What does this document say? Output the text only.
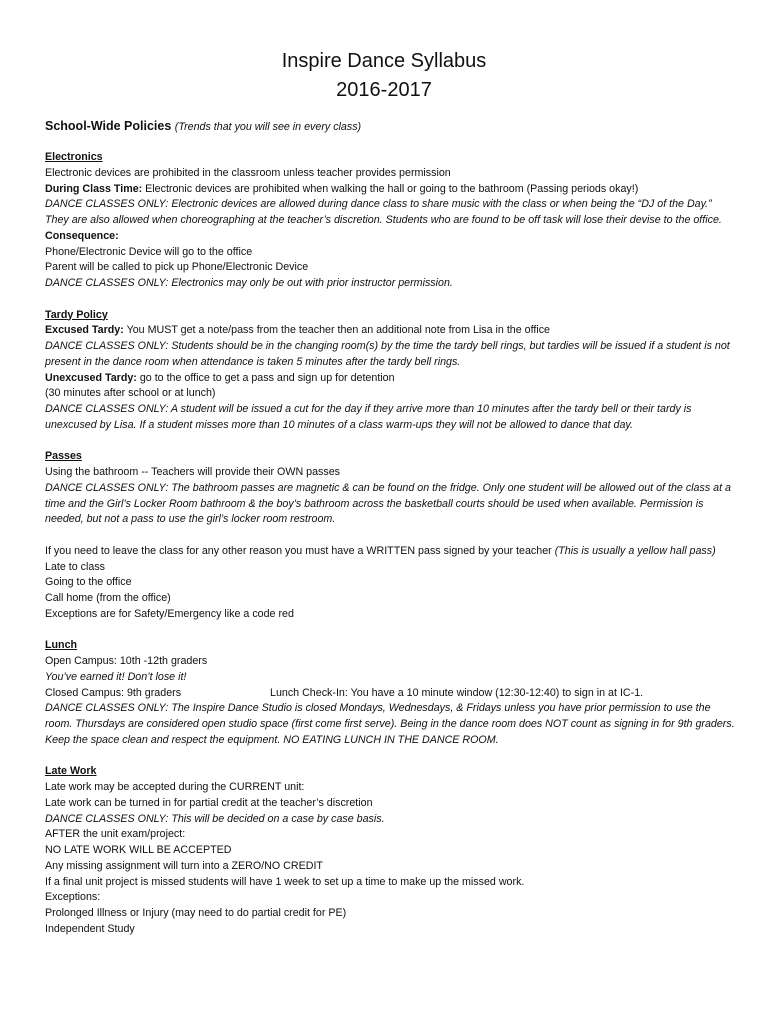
Inspire Dance Syllabus
2016-2017
School-Wide Policies (Trends that you will see in every class)
Electronics
Electronic devices are prohibited in the classroom unless teacher provides permission
During Class Time: Electronic devices are prohibited when walking the hall or going to the bathroom (Passing periods okay!)
DANCE CLASSES ONLY: Electronic devices are allowed during dance class to share music with the class or when being the “DJ of the Day.” They are also allowed when choreographing at the teacher’s discretion. Students who are found to be off task will lose their devise to the office.
Consequence:
Phone/Electronic Device will go to the office
Parent will be called to pick up Phone/Electronic Device
DANCE CLASSES ONLY: Electronics may only be out with prior instructor permission.
Tardy Policy
Excused Tardy: You MUST get a note/pass from the teacher then an additional note from Lisa in the office
DANCE CLASSES ONLY: Students should be in the changing room(s) by the time the tardy bell rings, but tardies will be issued if a student is not present in the dance room when attendance is taken 5 minutes after the tardy bell rings.
Unexcused Tardy: go to the office to get a pass and sign up for detention
(30 minutes after school or at lunch)
DANCE CLASSES ONLY: A student will be issued a cut for the day if they arrive more than 10 minutes after the tardy bell or their tardy is unexcused by Lisa. If a student misses more than 10 minutes of a class warm-ups they will not be allowed to dance that day.
Passes
Using the bathroom -- Teachers will provide their OWN passes
DANCE CLASSES ONLY: The bathroom passes are magnetic & can be found on the fridge. Only one student will be allowed out of the class at a time and the Girl’s Locker Room bathroom & the boy’s bathroom across the basketball courts should be used when available. Permission is needed, but not a pass to use the girl’s locker room restroom.
If you need to leave the class for any other reason you must have a WRITTEN pass signed by your teacher (This is usually a yellow hall pass)
Late to class
Going to the office
Call home (from the office)
Exceptions are for Safety/Emergency like a code red
Lunch
Open Campus: 10th -12th graders
You’ve earned it! Don’t lose it!
Closed Campus: 9th graders	Lunch Check-In: You have a 10 minute window (12:30-12:40) to sign in at IC-1.
DANCE CLASSES ONLY: The Inspire Dance Studio is closed Mondays, Wednesdays, & Fridays unless you have prior permission to use the room. Thursdays are considered open studio space (first come first serve). Being in the dance room does NOT count as signing in for 9th graders. Keep the space clean and respect the equipment. NO EATING LUNCH IN THE DANCE ROOM.
Late Work
Late work may be accepted during the CURRENT unit:
Late work can be turned in for partial credit at the teacher’s discretion
DANCE CLASSES ONLY: This will be decided on a case by case basis.
AFTER the unit exam/project:
NO LATE WORK WILL BE ACCEPTED
Any missing assignment will turn into a ZERO/NO CREDIT
If a final unit project is missed students will have 1 week to set up a time to make up the missed work.
Exceptions:
Prolonged Illness or Injury (may need to do partial credit for PE)
Independent Study
